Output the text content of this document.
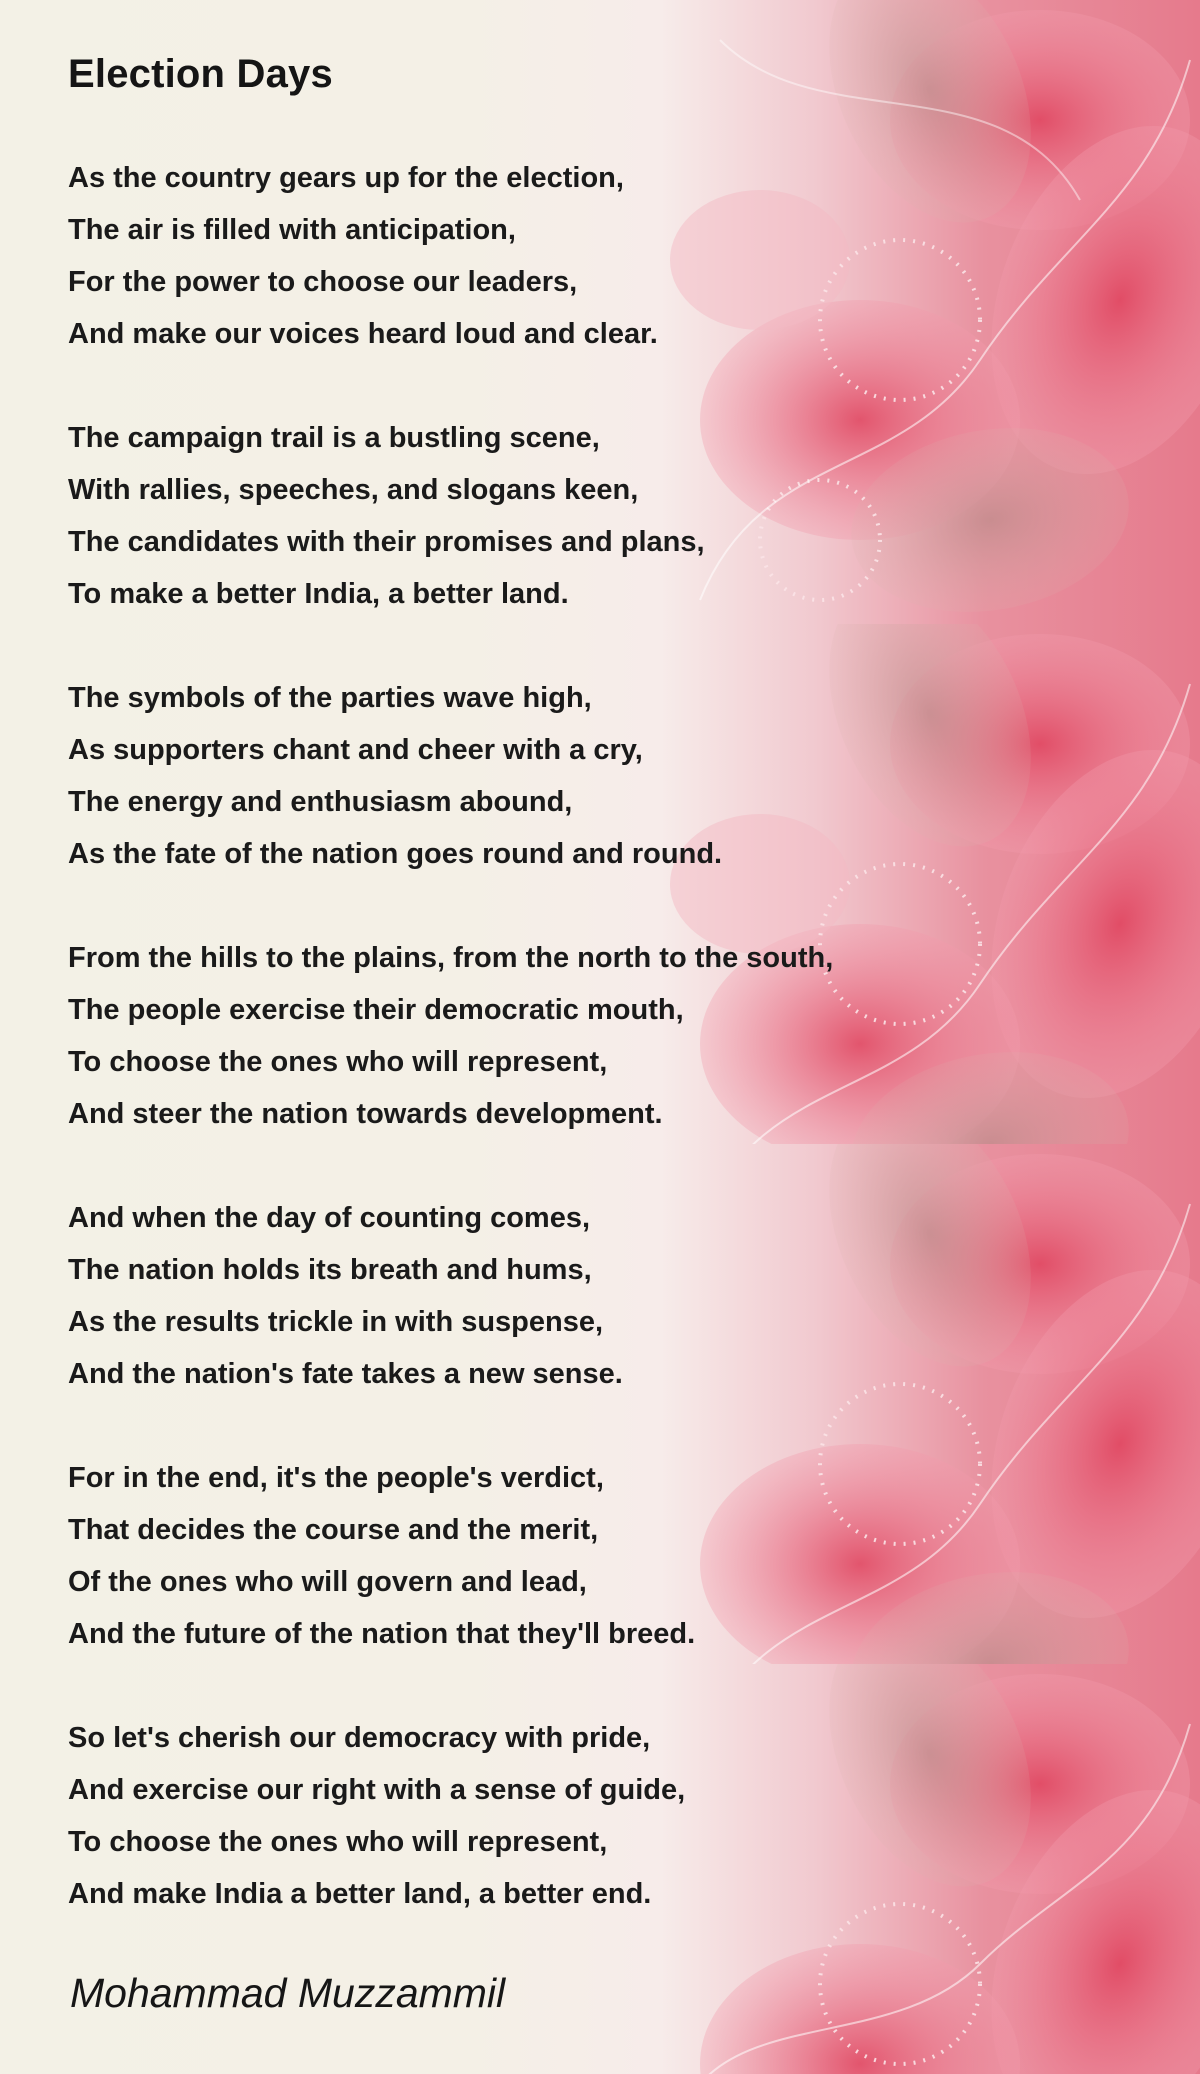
Election Days
As the country gears up for the election,
The air is filled with anticipation,
For the power to choose our leaders,
And make our voices heard loud and clear.
The campaign trail is a bustling scene,
With rallies, speeches, and slogans keen,
The candidates with their promises and plans,
To make a better India, a better land.
The symbols of the parties wave high,
As supporters chant and cheer with a cry,
The energy and enthusiasm abound,
As the fate of the nation goes round and round.
From the hills to the plains, from the north to the south,
The people exercise their democratic mouth,
To choose the ones who will represent,
And steer the nation towards development.
And when the day of counting comes,
The nation holds its breath and hums,
As the results trickle in with suspense,
And the nation's fate takes a new sense.
For in the end, it's the people's verdict,
That decides the course and the merit,
Of the ones who will govern and lead,
And the future of the nation that they'll breed.
So let's cherish our democracy with pride,
And exercise our right with a sense of guide,
To choose the ones who will represent,
And make India a better land, a better end.

Mohammad Muzzammil
